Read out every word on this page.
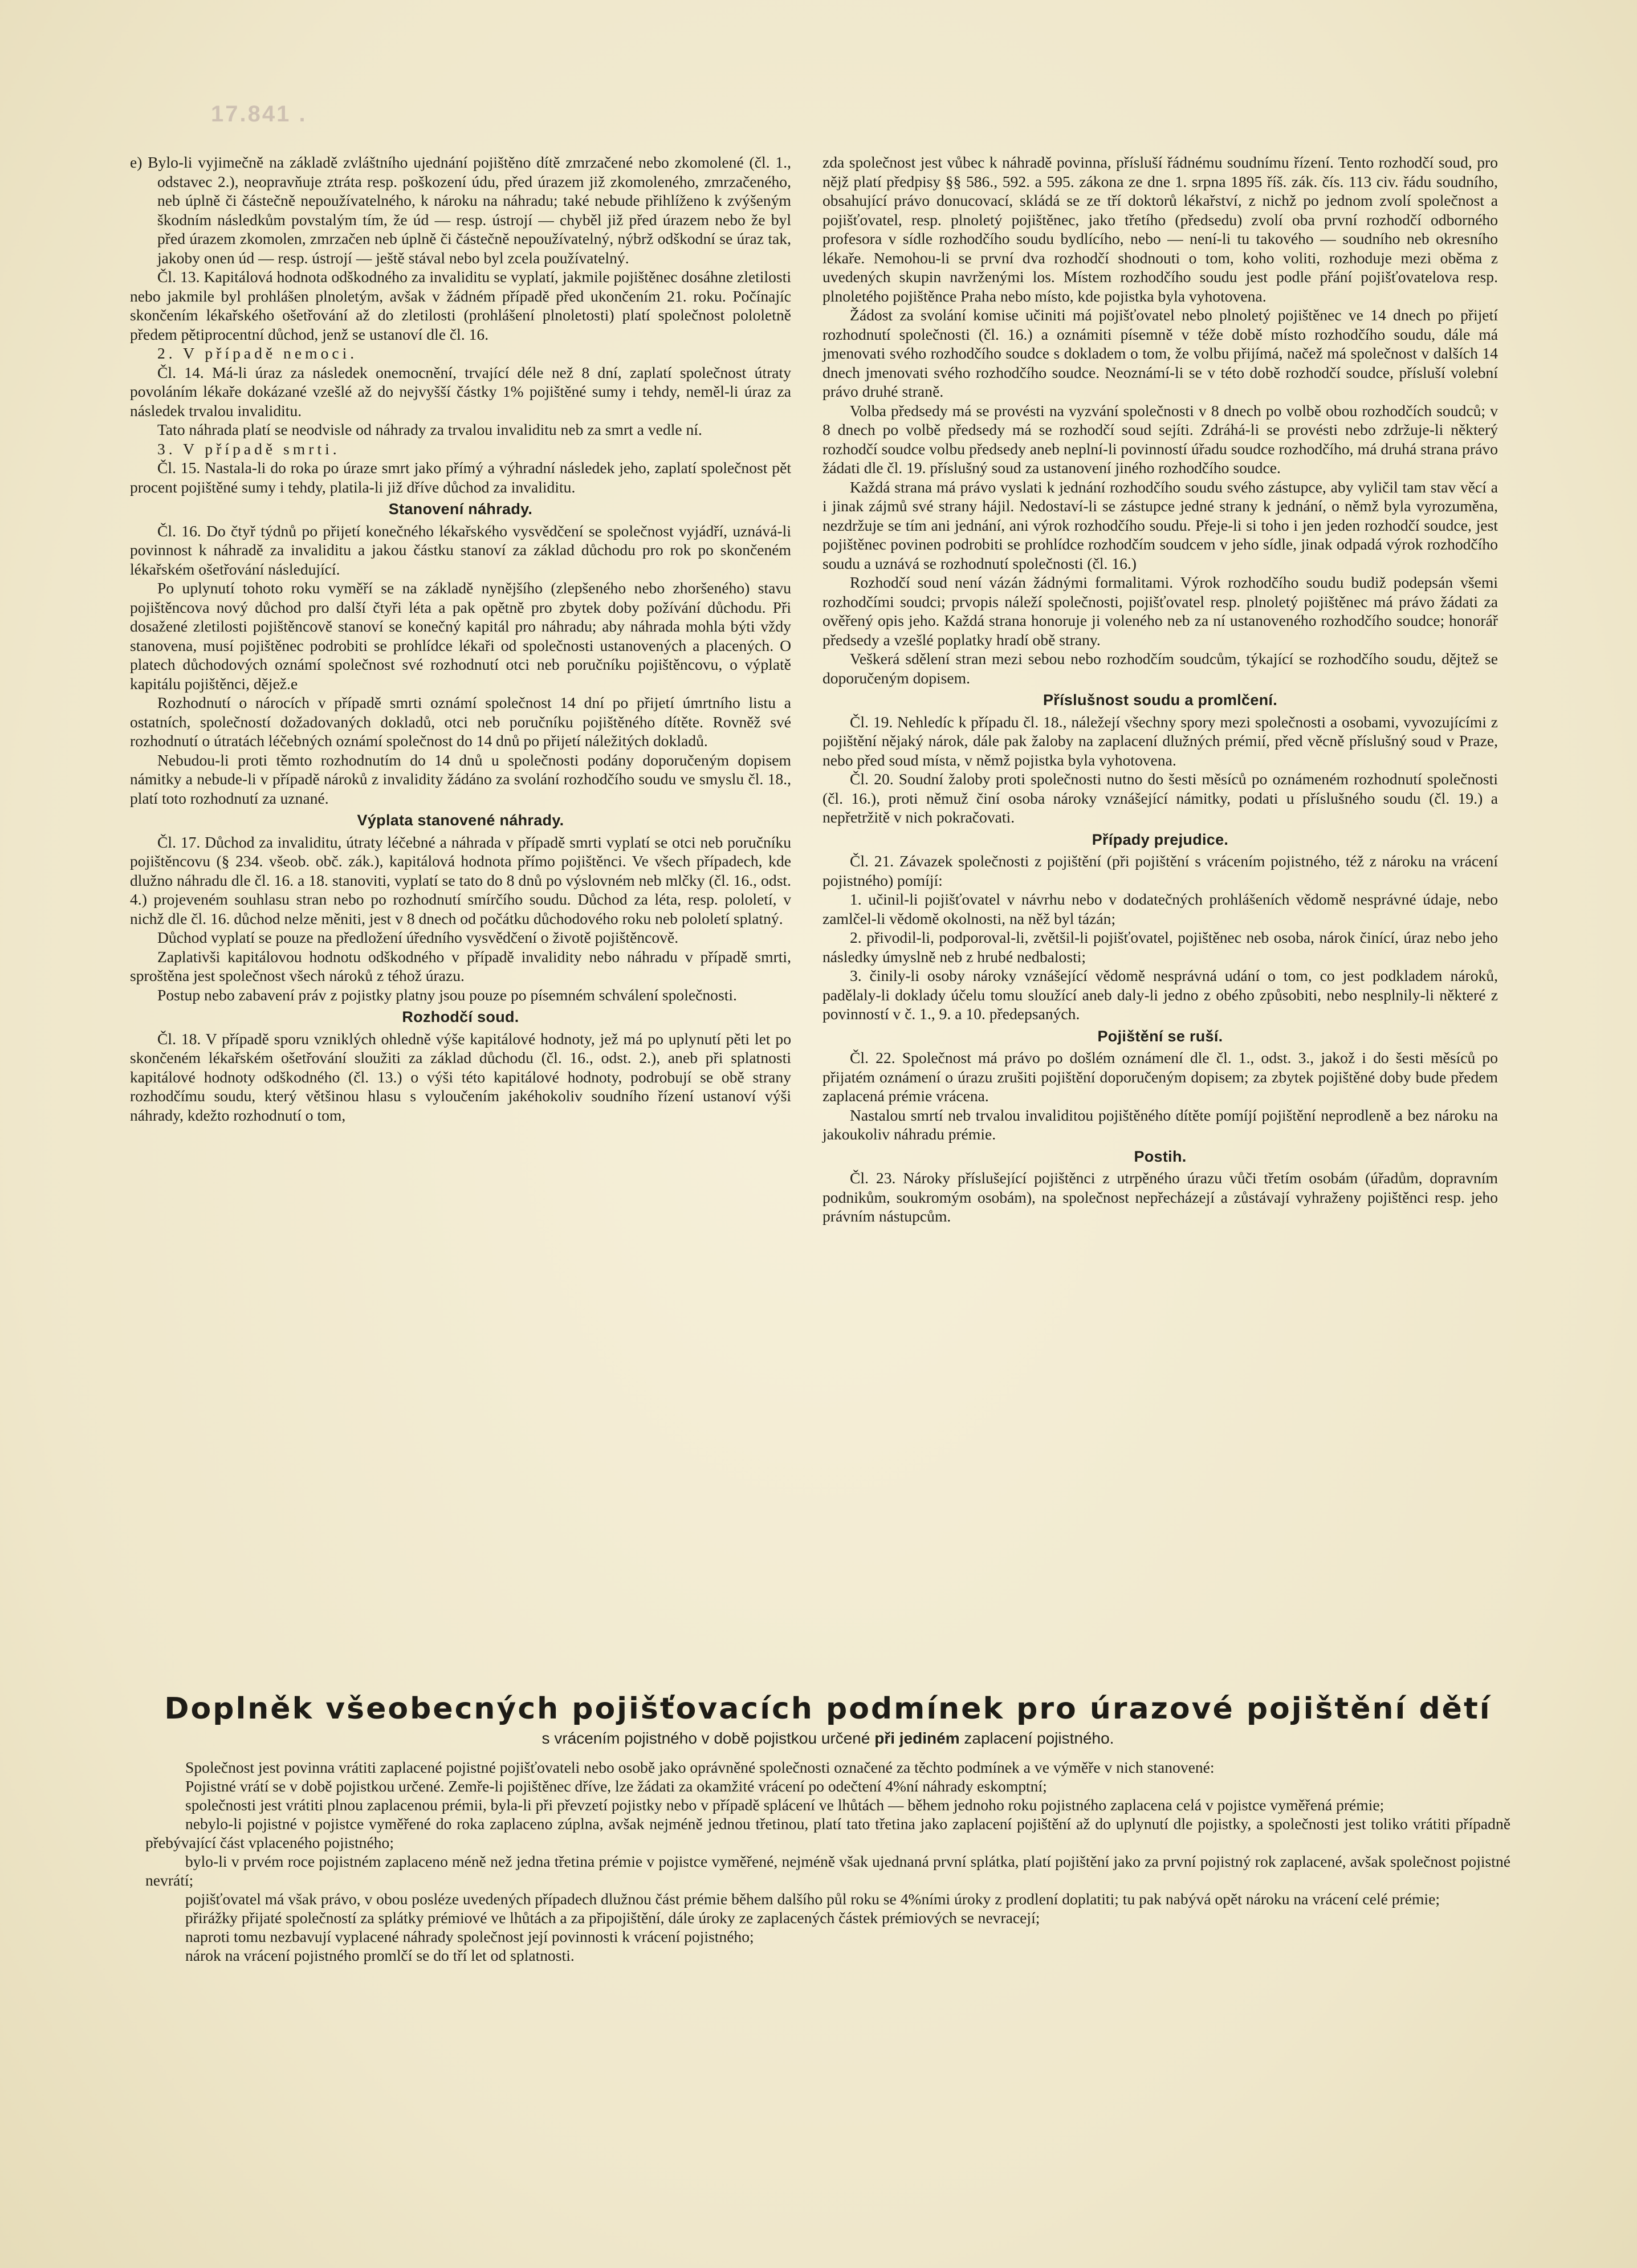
17.841 .

e) Bylo-li vyjimečně na základě zvláštního ujednání pojištěno dítě zmrzačené nebo zkomolené (čl. 1., odstavec 2.), neopravňuje ztráta resp. poškození údu, před úrazem již zkomoleného, zmrzačeného, neb úplně či částečně nepoužívatelného, k nároku na náhradu; také nebude přihlíženo k zvýšeným škodním následkům povstalým tím, že úd — resp. ústrojí — chyběl již před úrazem nebo že byl před úrazem zkomolen, zmrzačen neb úplně či částečně nepoužívatelný, nýbrž odškodní se úraz tak, jakoby onen úd — resp. ústrojí — ještě stával nebo byl zcela používatelný.

Čl. 13. Kapitálová hodnota odškodného za invaliditu se vyplatí, jakmile pojištěnec dosáhne zletilosti nebo jakmile byl prohlášen plnoletým, avšak v žádném případě před ukončením 21. roku. Počínajíc skončením lékařského ošetřování až do zletilosti (prohlášení plnoletosti) platí společnost pololetně předem pětiprocentní důchod, jenž se ustanoví dle čl. 16.

2. V případě nemoci.

Čl. 14. Má-li úraz za následek onemocnění, trvající déle než 8 dní, zaplatí společnost útraty povoláním lékaře dokázané vzešlé až do nejvyšší částky 1% pojištěné sumy i tehdy, neměl-li úraz za následek trvalou invaliditu.

Tato náhrada platí se neodvisle od náhrady za trvalou invaliditu neb za smrt a vedle ní.

3. V případě smrti.

Čl. 15. Nastala-li do roka po úraze smrt jako přímý a výhradní následek jeho, zaplatí společnost pět procent pojištěné sumy i tehdy, platila-li již dříve důchod za invaliditu.

Stanovení náhrady.

Čl. 16. Do čtyř týdnů po přijetí konečného lékařského vysvědčení se společnost vyjádří, uznává-li povinnost k náhradě za invaliditu a jakou částku stanoví za základ důchodu pro rok po skončeném lékařském ošetřování následující.

Po uplynutí tohoto roku vyměří se na základě nynějšího (zlepšeného nebo zhoršeného) stavu pojištěncova nový důchod pro další čtyři léta a pak opětně pro zbytek doby požívání důchodu. Při dosažené zletilosti pojištěncově stanoví se konečný kapitál pro náhradu; aby náhrada mohla býti vždy stanovena, musí pojištěnec podrobiti se prohlídce lékaři od společnosti ustanovených a placených. O platech důchodových oznámí společnost své rozhodnutí otci neb poručníku pojištěncovu, o výplatě kapitálu pojištěnci, dějež.e

Rozhodnutí o nárocích v případě smrti oznámí společnost 14 dní po přijetí úmrtního listu a ostatních, společností dožadovaných dokladů, otci neb poručníku pojištěného dítěte. Rovněž své rozhodnutí o útratách léčebných oznámí společnost do 14 dnů po přijetí náležitých dokladů.

Nebudou-li proti těmto rozhodnutím do 14 dnů u společnosti podány doporučeným dopisem námitky a nebude-li v případě nároků z invalidity žádáno za svolání rozhodčího soudu ve smyslu čl. 18., platí toto rozhodnutí za uznané.

Výplata stanovené náhrady.

Čl. 17. Důchod za invaliditu, útraty léčebné a náhrada v případě smrti vyplatí se otci neb poručníku pojištěncovu (§ 234. všeob. obč. zák.), kapitálová hodnota přímo pojištěnci. Ve všech případech, kde dlužno náhradu dle čl. 16. a 18. stanoviti, vyplatí se tato do 8 dnů po výslovném neb mlčky (čl. 16., odst. 4.) projeveném souhlasu stran nebo po rozhodnutí smírčího soudu. Důchod za léta, resp. pololetí, v nichž dle čl. 16. důchod nelze měniti, jest v 8 dnech od počátku důchodového roku neb pololetí splatný.

Důchod vyplatí se pouze na předložení úředního vysvědčení o životě pojištěncově.

Zaplativši kapitálovou hodnotu odškodného v případě invalidity nebo náhradu v případě smrti, sproštěna jest společnost všech nároků z téhož úrazu.

Postup nebo zabavení práv z pojistky platny jsou pouze po písemném schválení společnosti.

Rozhodčí soud.

Čl. 18. V případě sporu vzniklých ohledně výše kapitálové hodnoty, jež má po uplynutí pěti let po skončeném lékařském ošetřování sloužiti za základ důchodu (čl. 16., odst. 2.), aneb při splatnosti kapitálové hodnoty odškodného (čl. 13.) o výši této kapitálové hodnoty, podrobují se obě strany rozhodčímu soudu, který většinou hlasu s vyloučením jakéhokoliv soudního řízení ustanoví výši náhrady, kdežto rozhodnutí o tom,

zda společnost jest vůbec k náhradě povinna, přísluší řádnému soudnímu řízení. Tento rozhodčí soud, pro nějž platí předpisy §§ 586., 592. a 595. zákona ze dne 1. srpna 1895 říš. zák. čís. 113 civ. řádu soudního, obsahující právo donucovací, skládá se ze tří doktorů lékařství, z nichž po jednom zvolí společnost a pojišťovatel, resp. plnoletý pojištěnec, jako třetího (předsedu) zvolí oba první rozhodčí odborného profesora v sídle rozhodčího soudu bydlícího, nebo — není-li tu takového — soudního neb okresního lékaře. Nemohou-li se první dva rozhodčí shodnouti o tom, koho voliti, rozhoduje mezi oběma z uvedených skupin navrženými los. Místem rozhodčího soudu jest podle přání pojišťovatelova resp. plnoletého pojištěnce Praha nebo místo, kde pojistka byla vyhotovena.

Žádost za svolání komise učiniti má pojišťovatel nebo plnoletý pojištěnec ve 14 dnech po přijetí rozhodnutí společnosti (čl. 16.) a oznámiti písemně v téže době místo rozhodčího soudu, dále má jmenovati svého rozhodčího soudce s dokladem o tom, že volbu přijímá, načež má společnost v dalších 14 dnech jmenovati svého rozhodčího soudce. Neoznámí-li se v této době rozhodčí soudce, přísluší volební právo druhé straně.

Volba předsedy má se provésti na vyzvání společnosti v 8 dnech po volbě obou rozhodčích soudců; v 8 dnech po volbě předsedy má se rozhodčí soud sejíti. Zdráhá-li se provésti nebo zdržuje-li některý rozhodčí soudce volbu předsedy aneb neplní-li povinností úřadu soudce rozhodčího, má druhá strana právo žádati dle čl. 19. příslušný soud za ustanovení jiného rozhodčího soudce.

Každá strana má právo vyslati k jednání rozhodčího soudu svého zástupce, aby vyličil tam stav věcí a i jinak zájmů své strany hájil. Nedostaví-li se zástupce jedné strany k jednání, o němž byla vyrozuměna, nezdržuje se tím ani jednání, ani výrok rozhodčího soudu. Přeje-li si toho i jen jeden rozhodčí soudce, jest pojištěnec povinen podrobiti se prohlídce rozhodčím soudcem v jeho sídle, jinak odpadá výrok rozhodčího soudu a uznává se rozhodnutí společnosti (čl. 16.)

Rozhodčí soud není vázán žádnými formalitami. Výrok rozhodčího soudu budiž podepsán všemi rozhodčími soudci; prvopis náleží společnosti, pojišťovatel resp. plnoletý pojištěnec má právo žádati za ověřený opis jeho. Každá strana honoruje ji voleného neb za ní ustanoveného rozhodčího soudce; honorář předsedy a vzešlé poplatky hradí obě strany.

Veškerá sdělení stran mezi sebou nebo rozhodčím soudcům, týkající se rozhodčího soudu, dějtež se doporučeným dopisem.

Příslušnost soudu a promlčení.

Čl. 19. Nehledíc k případu čl. 18., náležejí všechny spory mezi společnosti a osobami, vyvozujícími z pojištění nějaký nárok, dále pak žaloby na zaplacení dlužných prémií, před věcně příslušný soud v Praze, nebo před soud místa, v němž pojistka byla vyhotovena.

Čl. 20. Soudní žaloby proti společnosti nutno do šesti měsíců po oznámeném rozhodnutí společnosti (čl. 16.), proti němuž činí osoba nároky vznášející námitky, podati u příslušného soudu (čl. 19.) a nepřetržitě v nich pokračovati.

Případy prejudice.

Čl. 21. Závazek společnosti z pojištění (při pojištění s vrácením pojistného, též z nároku na vrácení pojistného) pomíjí:

1. učinil-li pojišťovatel v návrhu nebo v dodatečných prohlášeních vědomě nesprávné údaje, nebo zamlčel-li vědomě okolnosti, na něž byl tázán;

2. přivodil-li, podporoval-li, zvětšil-li pojišťovatel, pojištěnec neb osoba, nárok činící, úraz nebo jeho následky úmyslně neb z hrubé nedbalosti;

3. činily-li osoby nároky vznášející vědomě nesprávná udání o tom, co jest podkladem nároků, padělaly-li doklady účelu tomu sloužící aneb daly-li jedno z obého způsobiti, nebo nesplnily-li některé z povinností v č. 1., 9. a 10. předepsaných.

Pojištění se ruší.

Čl. 22. Společnost má právo po došlém oznámení dle čl. 1., odst. 3., jakož i do šesti měsíců po přijatém oznámení o úrazu zrušiti pojištění doporučeným dopisem; za zbytek pojištěné doby bude předem zaplacená prémie vrácena.

Nastalou smrtí neb trvalou invaliditou pojištěného dítěte pomíjí pojištění neprodleně a bez nároku na jakoukoliv náhradu prémie.

Postih.

Čl. 23. Nároky příslušející pojištěnci z utrpěného úrazu vůči třetím osobám (úřadům, dopravním podnikům, soukromým osobám), na společnost nepřecházejí a zůstávají vyhraženy pojištěnci resp. jeho právním nástupcům.

Doplněk všeobecných pojišťovacích podmínek pro úrazové pojištění dětí
s vrácením pojistného v době pojistkou určené při jediném zaplacení pojistného.

Společnost jest povinna vrátiti zaplacené pojistné pojišťovateli nebo osobě jako oprávněné společnosti označené za těchto podmínek a ve výměře v nich stanovené:

Pojistné vrátí se v době pojistkou určené. Zemře-li pojištěnec dříve, lze žádati za okamžité vrácení po odečtení 4%ní náhrady eskomptní;

společnosti jest vrátiti plnou zaplacenou prémii, byla-li při převzetí pojistky nebo v případě splácení ve lhůtách — během jednoho roku pojistného zaplacena celá v pojistce vyměřená prémie;

nebylo-li pojistné v pojistce vyměřené do roka zaplaceno zúplna, avšak nejméně jednou třetinou, platí tato třetina jako zaplacení pojištění až do uplynutí dle pojistky, a společnosti jest toliko vrátiti případně přebývající část vplaceného pojistného;

bylo-li v prvém roce pojistném zaplaceno méně než jedna třetina prémie v pojistce vyměřené, nejméně však ujednaná první splátka, platí pojištění jako za první pojistný rok zaplacené, avšak společnost pojistné nevrátí;

pojišťovatel má však právo, v obou posléze uvedených případech dlužnou část prémie během dalšího půl roku se 4%ními úroky z prodlení doplatiti; tu pak nabývá opět nároku na vrácení celé prémie;

přirážky přijaté společností za splátky prémiové ve lhůtách a za připojištění, dále úroky ze zaplacených částek prémiových se nevracejí;

naproti tomu nezbavují vyplacené náhrady společnost její povinnosti k vrácení pojistného;

nárok na vrácení pojistného promlčí se do tří let od splatnosti.
